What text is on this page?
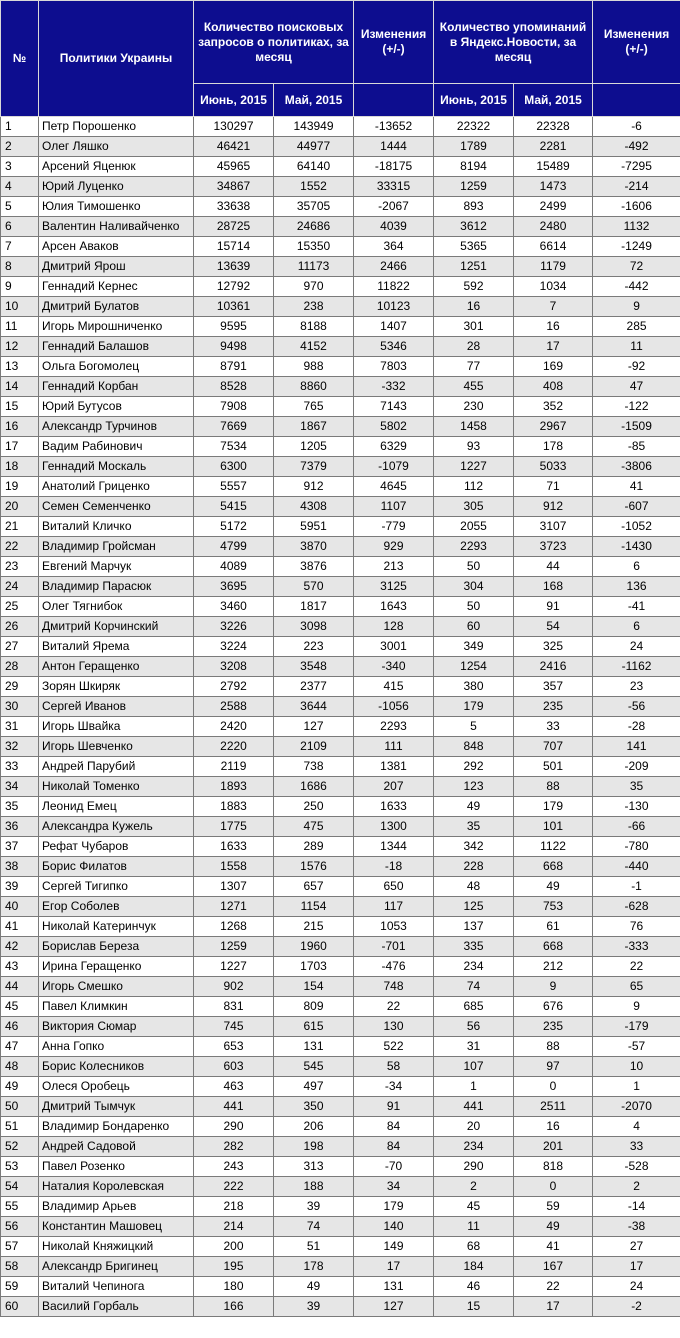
№	Политики Украины	Количество поисковых запросов о политиках, за месяц		Изменения (+/-)	Количество упоминаний в Яндекс.Новости, за месяц		Изменения (+/-)
		Июнь, 2015	Май, 2015		Июнь, 2015	Май, 2015	
1	Петр Порошенко	130297	143949	-13652	22322	22328	-6
2	Олег Ляшко	46421	44977	1444	1789	2281	-492
3	Арсений Яценюк	45965	64140	-18175	8194	15489	-7295
4	Юрий Луценко	34867	1552	33315	1259	1473	-214
5	Юлия Тимошенко	33638	35705	-2067	893	2499	-1606
6	Валентин Наливайченко	28725	24686	4039	3612	2480	1132
7	Арсен Аваков	15714	15350	364	5365	6614	-1249
8	Дмитрий Ярош	13639	11173	2466	1251	1179	72
9	Геннадий Кернес	12792	970	11822	592	1034	-442
10	Дмитрий Булатов	10361	238	10123	16	7	9
11	Игорь Мирошниченко	9595	8188	1407	301	16	285
12	Геннадий Балашов	9498	4152	5346	28	17	11
13	Ольга Богомолец	8791	988	7803	77	169	-92
14	Геннадий Корбан	8528	8860	-332	455	408	47
15	Юрий Бутусов	7908	765	7143	230	352	-122
16	Александр Турчинов	7669	1867	5802	1458	2967	-1509
17	Вадим Рабинович	7534	1205	6329	93	178	-85
18	Геннадий Москаль	6300	7379	-1079	1227	5033	-3806
19	Анатолий Гриценко	5557	912	4645	112	71	41
20	Семен Семенченко	5415	4308	1107	305	912	-607
21	Виталий Кличко	5172	5951	-779	2055	3107	-1052
22	Владимир Гройсман	4799	3870	929	2293	3723	-1430
23	Евгений Марчук	4089	3876	213	50	44	6
24	Владимир Парасюк	3695	570	3125	304	168	136
25	Олег Тягнибок	3460	1817	1643	50	91	-41
26	Дмитрий Корчинский	3226	3098	128	60	54	6
27	Виталий Ярема	3224	223	3001	349	325	24
28	Антон Геращенко	3208	3548	-340	1254	2416	-1162
29	Зорян Шкиряк	2792	2377	415	380	357	23
30	Сергей Иванов	2588	3644	-1056	179	235	-56
31	Игорь Швайка	2420	127	2293	5	33	-28
32	Игорь Шевченко	2220	2109	111	848	707	141
33	Андрей Парубий	2119	738	1381	292	501	-209
34	Николай Томенко	1893	1686	207	123	88	35
35	Леонид Емец	1883	250	1633	49	179	-130
36	Александра Кужель	1775	475	1300	35	101	-66
37	Рефат Чубаров	1633	289	1344	342	1122	-780
38	Борис Филатов	1558	1576	-18	228	668	-440
39	Сергей Тигипко	1307	657	650	48	49	-1
40	Егор Соболев	1271	1154	117	125	753	-628
41	Николай Катеринчук	1268	215	1053	137	61	76
42	Борислав Береза	1259	1960	-701	335	668	-333
43	Ирина Геращенко	1227	1703	-476	234	212	22
44	Игорь Смешко	902	154	748	74	9	65
45	Павел Климкин	831	809	22	685	676	9
46	Виктория Сюмар	745	615	130	56	235	-179
47	Анна Гопко	653	131	522	31	88	-57
48	Борис Колесников	603	545	58	107	97	10
49	Олеся Оробець	463	497	-34	1	0	1
50	Дмитрий Тымчук	441	350	91	441	2511	-2070
51	Владимир Бондаренко	290	206	84	20	16	4
52	Андрей Садовой	282	198	84	234	201	33
53	Павел Розенко	243	313	-70	290	818	-528
54	Наталия Королевская	222	188	34	2	0	2
55	Владимир Арьев	218	39	179	45	59	-14
56	Константин Машовец	214	74	140	11	49	-38
57	Николай Княжицкий	200	51	149	68	41	27
58	Александр Бригинец	195	178	17	184	167	17
59	Виталий Чепинога	180	49	131	46	22	24
60	Василий Горбаль	166	39	127	15	17	-2
